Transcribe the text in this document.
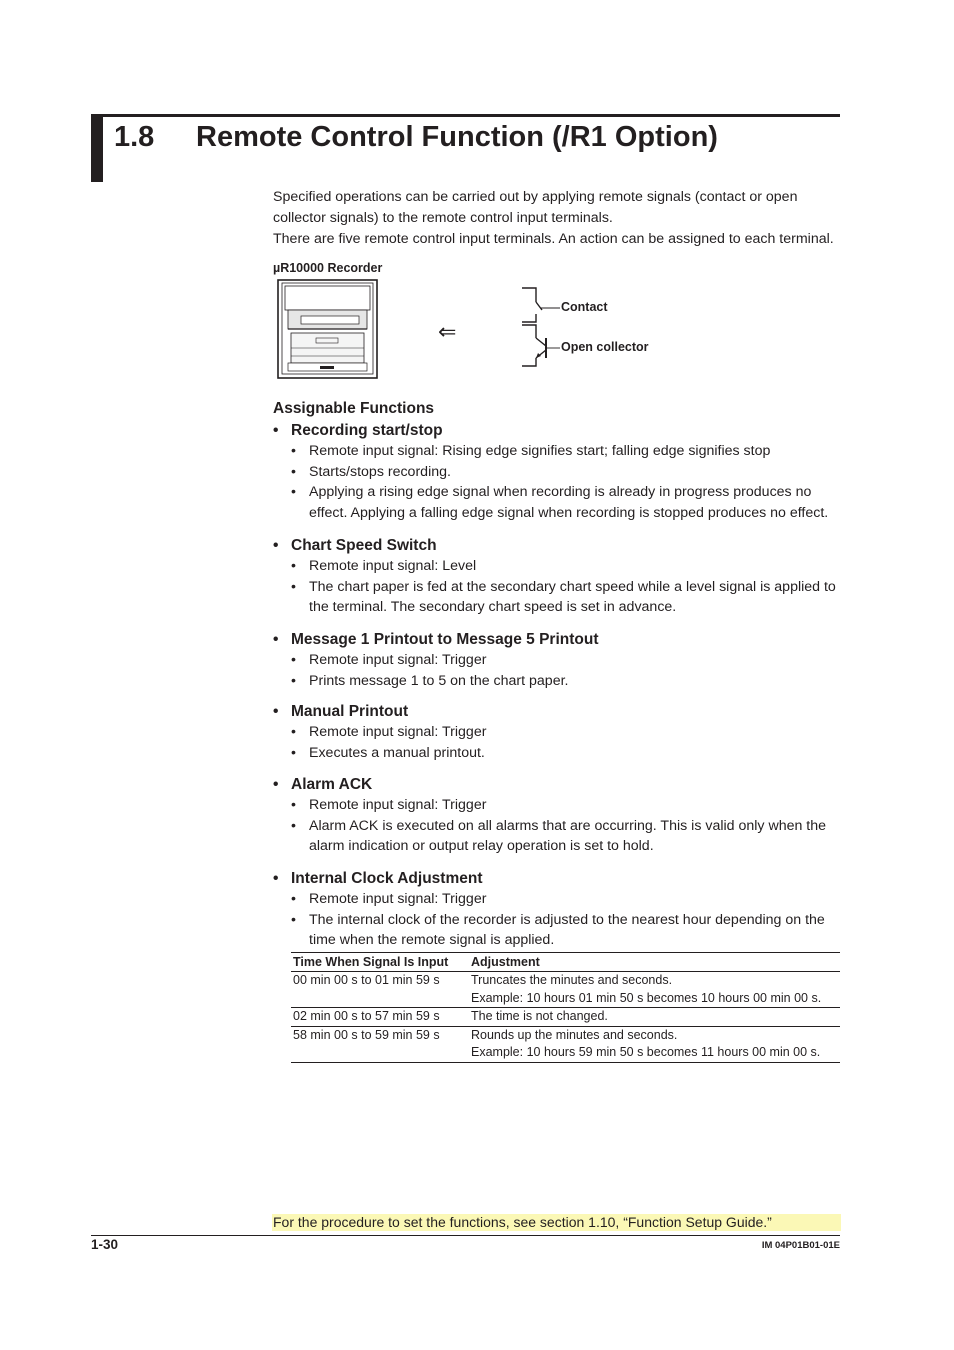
1.8 Remote Control Function (/R1 Option)

Specified operations can be carried out by applying remote signals (contact or open collector signals) to the remote control input terminals.

There are five remote control input terminals. An action can be assigned to each terminal.

µR10000 Recorder
⇐
Contact
Open collector
Assignable Functions
• Recording start/stop
• Remote input signal: Rising edge signifies start; falling edge signifies stop
• Starts/stops recording.
• Applying a rising edge signal when recording is already in progress produces no effect. Applying a falling edge signal when recording is stopped produces no effect.
• Chart Speed Switch
• Remote input signal: Level
• The chart paper is fed at the secondary chart speed while a level signal is applied to the terminal. The secondary chart speed is set in advance.
• Message 1 Printout to Message 5 Printout
• Remote input signal: Trigger
• Prints message 1 to 5 on the chart paper.
• Manual Printout
• Remote input signal: Trigger
• Executes a manual printout.
• Alarm ACK
• Remote input signal: Trigger
• Alarm ACK is executed on all alarms that are occurring. This is valid only when the alarm indication or output relay operation is set to hold.
• Internal Clock Adjustment
• Remote input signal: Trigger
• The internal clock of the recorder is adjusted to the nearest hour depending on the time when the remote signal is applied.
Time When Signal Is Input	Adjustment
00 min 00 s to 01 min 59 s	Truncates the minutes and seconds.
Example: 10 hours 01 min 50 s becomes 10 hours 00 min 00 s.

02 min 00 s to 57 min 59 s	The time is not changed.

58 min 00 s to 59 min 59 s	Rounds up the minutes and seconds.
Example: 10 hours 59 min 50 s becomes 11 hours 00 min 00 s.
For the procedure to set the functions, see section 1.10, “Function Setup Guide.”
1-30	IM 04P01B01-01E
